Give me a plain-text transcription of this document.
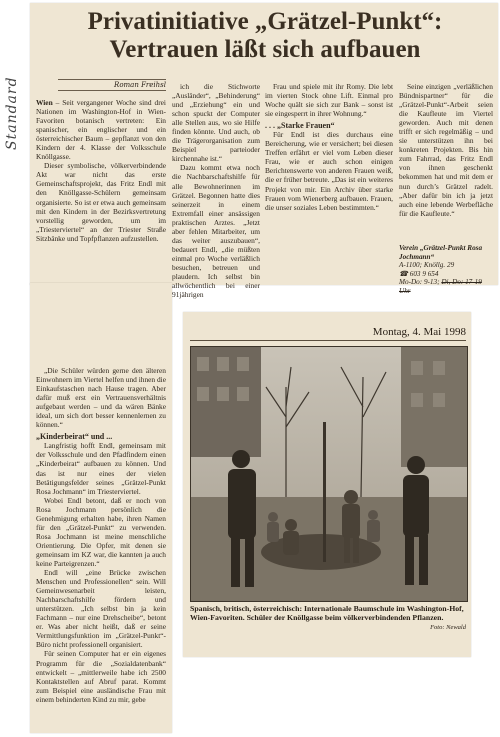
Standard
Privatinitiative „Grätzel-Punkt“:
Vertrauen läßt sich aufbauen
Roman Freihsl

Wien – Seit vergangener Woche sind drei Nationen im Washington-Hof in Wien-Favoriten botanisch vertreten: Ein spanischer, ein englischer und ein österreichischer Baum – gepflanzt von den Kindern der 4. Klasse der Volksschule Knöllgasse.

Dieser symbolische, völkerverbindende Akt war nicht das erste Gemeinschaftsprojekt, das Fritz Endl mit den Knöllgasse-Schülern gemeinsam organisierte. So ist er etwa auch gemeinsam mit den Kindern in der Bezirksvertretung vorstellig geworden, um im „Triesterviertel“ an der Triester Straße Sitzbänke und Topfpflanzen aufzustellen.

ich die Stichworte „Ausländer“, „Behinderung“ und „Erziehung“ ein und schon spuckt der Computer alle Stellen aus, wo sie Hilfe finden könnte. Und auch, ob die Trägerorganisation zum Beispiel parteioder kirchennahe ist.“

Dazu kommt etwa noch die Nachbarschaftshilfe für alle Bewohnerinnen im Grätzel. Begonnen hatte dies seinerzeit in einem Extremfall einer ansässigen praktischen Arztes. „Jetzt aber fehlen Mitarbeiter, um das weiter auszubauen“, bedauert Endl, „die müßten einmal pro Woche verläßlich besuchen, betreuen und plaudern. Ich selbst bin allwöchentlich bei einer 91jährigen

Frau und spiele mit ihr Romy. Die lebt im vierten Stock ohne Lift. Einmal pro Woche quält sie sich zur Bank – sonst ist sie eingesperrt in ihrer Wohnung.“

. . . „Starke Frauen“

Für Endl ist dies durchaus eine Bereicherung, wie er versichert; bei diesen Treffen erfährt er viel vom Leben dieser Frau, wie er auch schon einigen Berichtenswerte von anderen Frauen weiß, die er früher betreute. „Das ist ein weiteres Projekt von mir. Ein Archiv über starke Frauen vom Wienerberg aufbauen. Frauen, die unser soziales Leben bestimmten.“

Seine einzigen „verläßlichen Bündnispartner“ für die „Grätzel-Punkt“-Arbeit seien die Kaufleute im Viertel geworden. Auch mit denen trifft er sich regelmäßig – und sie unterstützen ihn bei konkreten Projekten. Bis hin zum Fahrrad, das Fritz Endl von ihnen geschenkt bekommen hat und mit dem er nun durch’s Grätzel radelt. „Aber dafür bin ich ja jetzt auch eine lebende Werbefläche für die Kaufleute.“

„Die Schüler würden gerne den älteren Einwohnern im Viertel helfen und ihnen die Einkaufstaschen nach Hause tragen. Aber dafür muß erst ein Vertrauensverhältnis aufgebaut werden – und da wären Bänke ideal, um sich dort besser kennenlernen zu können.“

„Kinderbeirat“ und ...

Langfristig hofft Endl, gemeinsam mit der Volksschule und den Pfadfindern einen „Kinderbeirat“ aufbauen zu können. Und das ist nur eines der vielen Betätigungsfelder seines „Grätzel-Punkt Rosa Jochmann“ im Triesterviertel.

Wobei Endl betont, daß er noch von Rosa Jochmann persönlich die Genehmigung erhalten habe, ihren Namen für den „Grätzel-Punkt“ zu verwenden. Rosa Jochmann ist meine menschliche Orientierung. Die Opfer, mit denen sie gemeinsam im KZ war, die kannten ja auch keine Parteigrenzen.“

Endl will „eine Brücke zwischen Menschen und Professionellen“ sein. Will Gemeinwesenarbeit leisten, Nachbarschaftshilfe fördern und unterstützen. „Ich selbst bin ja kein Fachmann – nur eine Drehscheibe“, betont er. Was aber nicht heißt, daß er seine Vermittlungsfunktion im „Grätzel-Punkt“-Büro nicht professionell organisiert.

Für seinen Computer hat er ein eigenes Programm für die „Sozialdatenbank“ entwickelt – „mittlerweile habe ich 2500 Kontaktstellen auf Abruf parat. Kommt zum Beispiel eine ausländische Frau mit einem behinderten Kind zu mir, gebe

Verein „Grätzel-Punkt Rosa Jochmann“
A-1100; Knöllg. 29
☎ 603 9 654
Mo-Do: 9-13; Di, Do: 17-19 Uhr
Montag, 4. Mai 1998
Spanisch, britisch, österreichisch: Internationale Baumschule im Washington-Hof, Wien-Favoriten. Schüler der Knöllgasse beim völkerverbindenden Pflanzen.
Foto: Newald
